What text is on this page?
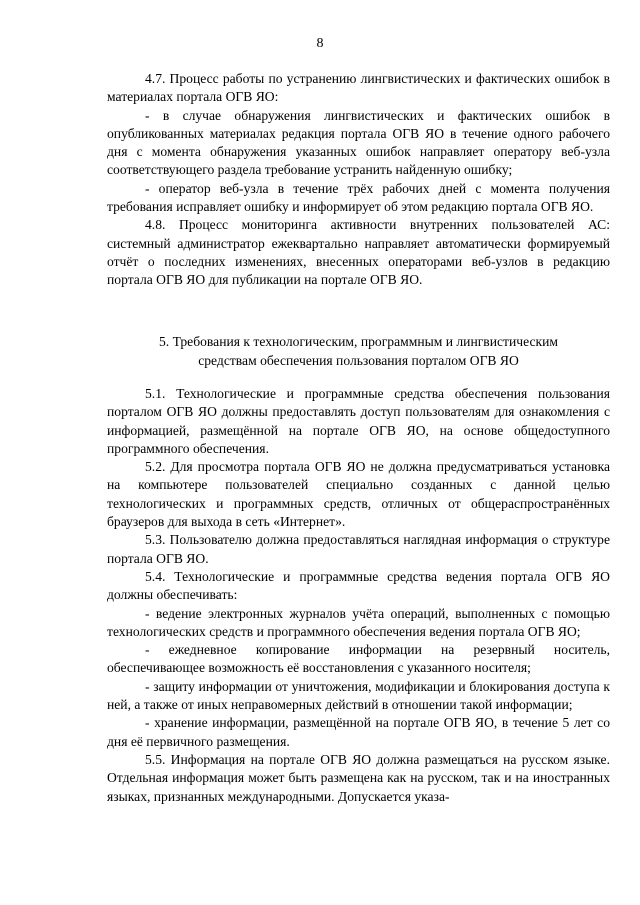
8

4.7. Процесс работы по устранению лингвистических и фактических ошибок в материалах портала ОГВ ЯО:

- в случае обнаружения лингвистических и фактических ошибок в опубликованных материалах редакция портала ОГВ ЯО в течение одного рабочего дня с момента обнаружения указанных ошибок направляет оператору веб-узла соответствующего раздела требование устранить найденную ошибку;

- оператор веб-узла в течение трёх рабочих дней с момента получения требования исправляет ошибку и информирует об этом редакцию портала ОГВ ЯО.

4.8. Процесс мониторинга активности внутренних пользователей АС: системный администратор ежеквартально направляет автоматически формируемый отчёт о последних изменениях, внесенных операторами веб-узлов в редакцию портала ОГВ ЯО для публикации на портале ОГВ ЯО.

5. Требования к технологическим, программным и лингвистическим
средствам обеспечения пользования порталом ОГВ ЯО

5.1. Технологические и программные средства обеспечения пользования порталом ОГВ ЯО должны предоставлять доступ пользователям для ознакомления с информацией, размещённой на портале ОГВ ЯО, на основе общедоступного программного обеспечения.

5.2. Для просмотра портала ОГВ ЯО не должна предусматриваться установка на компьютере пользователей специально созданных с данной целью технологических и программных средств, отличных от общераспространённых браузеров для выхода в сеть «Интернет».

5.3. Пользователю должна предоставляться наглядная информация о структуре портала ОГВ ЯО.

5.4. Технологические и программные средства ведения портала ОГВ ЯО должны обеспечивать:

- ведение электронных журналов учёта операций, выполненных с помощью технологических средств и программного обеспечения ведения портала ОГВ ЯО;

- ежедневное копирование информации на резервный носитель, обеспечивающее возможность её восстановления с указанного носителя;

- защиту информации от уничтожения, модификации и блокирования доступа к ней, а также от иных неправомерных действий в отношении такой информации;

- хранение информации, размещённой на портале ОГВ ЯО, в течение 5 лет со дня её первичного размещения.

5.5. Информация на портале ОГВ ЯО должна размещаться на русском языке. Отдельная информация может быть размещена как на русском, так и на иностранных языках, признанных международными. Допускается указа-
